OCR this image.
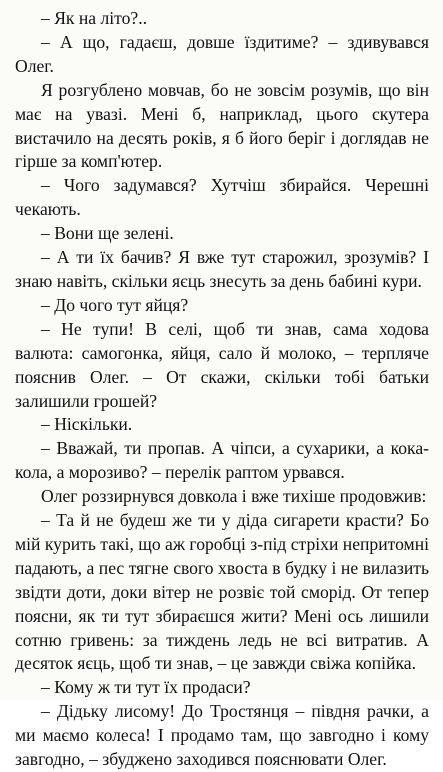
– Як на літо?..

– А що, гадаєш, довше їздитиме? – здивувався Олег.

Я розгублено мовчав, бо не зовсім розумів, що він має на увазі. Мені б, наприклад, цього скутера вистачило на десять років, я б його беріг і доглядав не гірше за комп'ютер.

– Чого задумався? Хутчіш збирайся. Черешні чекають.

– Вони ще зелені.

– А ти їх бачив? Я вже тут старожил, зрозумів? І знаю навіть, скільки яєць знесуть за день бабині кури.

– До чого тут яйця?

– Не тупи! В селі, щоб ти знав, сама ходова валюта: самогонка, яйця, сало й молоко, – терпляче пояснив Олег. – От скажи, скільки тобі батьки залишили грошей?

– Ніскільки.

– Вважай, ти пропав. А чіпси, а сухарики, а кока-кола, а морозиво? – перелік раптом урвався.

Олег роззирнувся довкола і вже тихіше продовжив:

– Та й не будеш же ти у діда сигарети красти? Бо мій курить такі, що аж горобці з-під стріхи непритомні падають, а пес тягне свого хвоста в будку і не вилазить звідти доти, доки вітер не розвіє той сморід. От тепер поясни, як ти тут збираєшся жити? Мені ось лишили сотню гривень: за тиждень ледь не всі витратив. А десяток яєць, щоб ти знав, – це завжди свіжа копійка.

– Кому ж ти тут їх продаси?

– Дідьку лисому! До Тростянця – півдня рачки, а ми маємо колеса! І продамо там, що завгодно і кому завгодно, – збуджено заходився пояснювати Олег.
